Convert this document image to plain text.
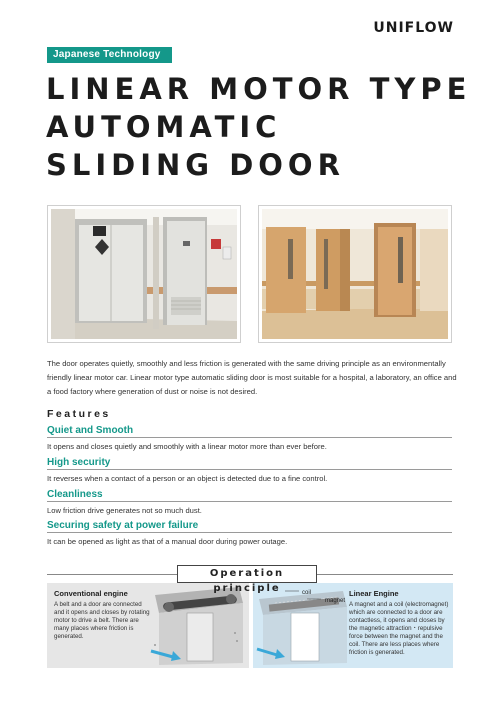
UNIFLOW
Japanese Technology
LINEAR MOTOR TYPE
AUTOMATIC
SLIDING DOOR

The door operates quietly, smoothly and less friction is generated with the same driving principle as an environmentally friendly linear motor car. Linear motor type automatic sliding door is most suitable for a hospital, a laboratory, an office and a food factory where generation of dust or noise is not desired.

Features
Quiet and Smooth
It opens and closes quietly and smoothly with a linear motor more than ever before.
High security
It reverses when a contact of a person or an object is detected due to a fine control.
Cleanliness
Low friction drive generates not so much dust.
Securing safety at power failure
It can be opened as light as that of a manual door during power outage.
Operation principle
Conventional engine
A belt and a door are connected and it opens and closes by rotating motor to drive a belt. There are many places where friction is generated.
coil
magnet
Linear Engine
A magnet and a coil (electromagnet) which are connected to a door are contactless, it opens and closes by the magnetic attraction・repulsive force between the magnet and the coil. There are less places where friction is generated.
